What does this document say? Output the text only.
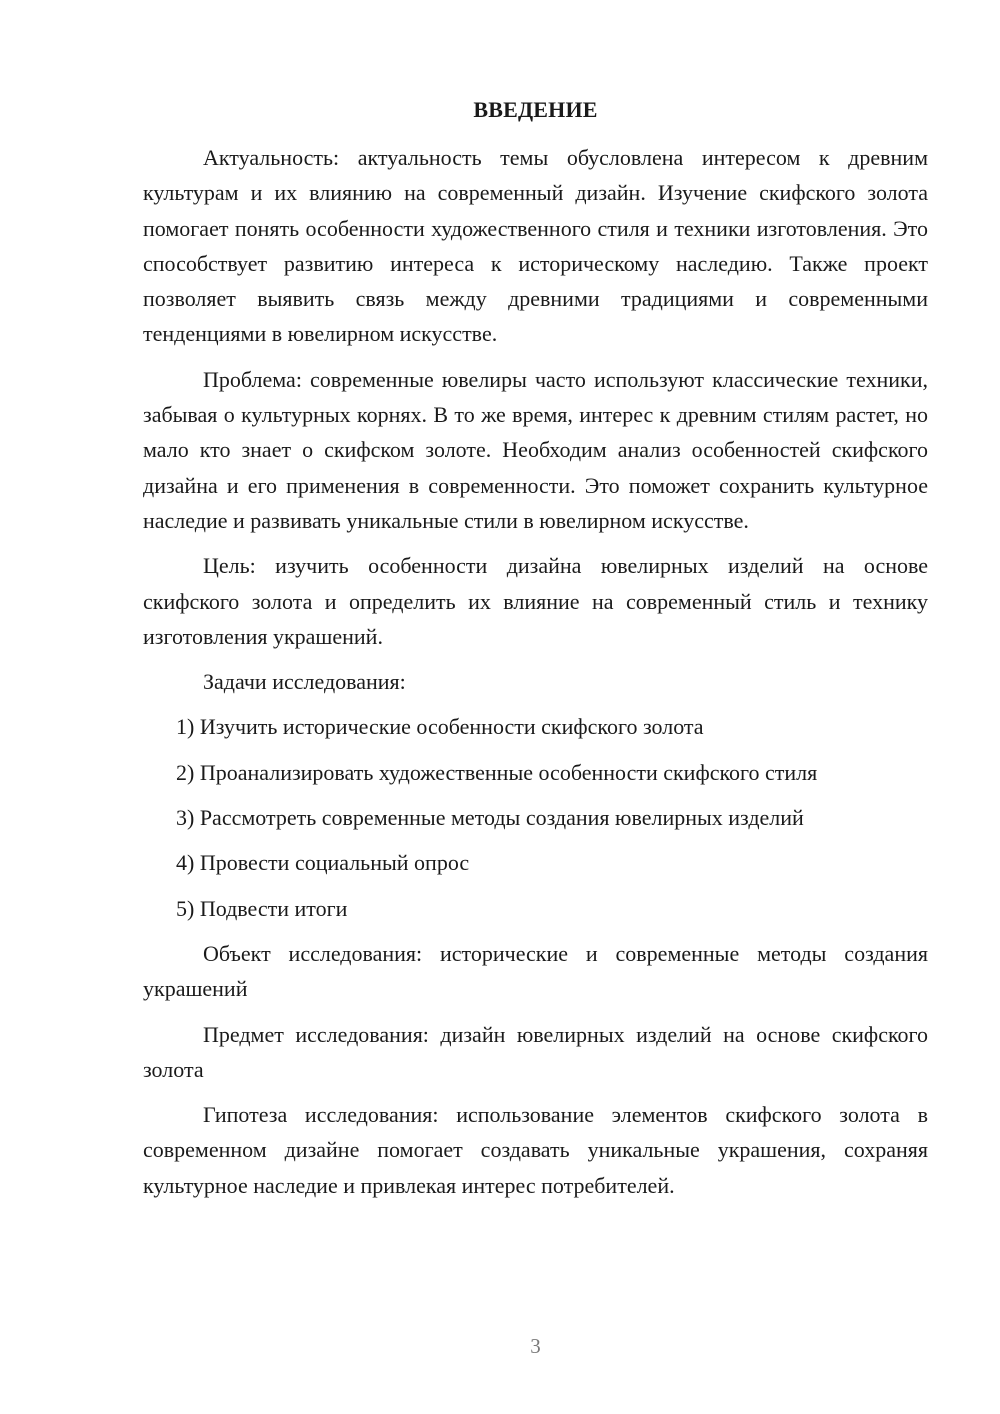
ВВЕДЕНИЕ

Актуальность: актуальность темы обусловлена интересом к древним культурам и их влиянию на современный дизайн. Изучение скифского золота помогает понять особенности художественного стиля и техники изготовления. Это способствует развитию интереса к историческому наследию. Также проект позволяет выявить связь между древними традициями и современными тенденциями в ювелирном искусстве.

Проблема: современные ювелиры часто используют классические техники, забывая о культурных корнях. В то же время, интерес к древним стилям растет, но мало кто знает о скифском золоте. Необходим анализ особенностей скифского дизайна и его применения в современности. Это поможет сохранить культурное наследие и развивать уникальные стили в ювелирном искусстве.

Цель: изучить особенности дизайна ювелирных изделий на основе скифского золота и определить их влияние на современный стиль и технику изготовления украшений.

Задачи исследования:

1) Изучить исторические особенности скифского золота
2) Проанализировать художественные особенности скифского стиля
3) Рассмотреть современные методы создания ювелирных изделий
4) Провести социальный опрос
5) Подвести итоги

Объект исследования: исторические и современные методы создания украшений

Предмет исследования: дизайн ювелирных изделий на основе скифского золота

Гипотеза исследования: использование элементов скифского золота в современном дизайне помогает создавать уникальные украшения, сохраняя культурное наследие и привлекая интерес потребителей.

3
